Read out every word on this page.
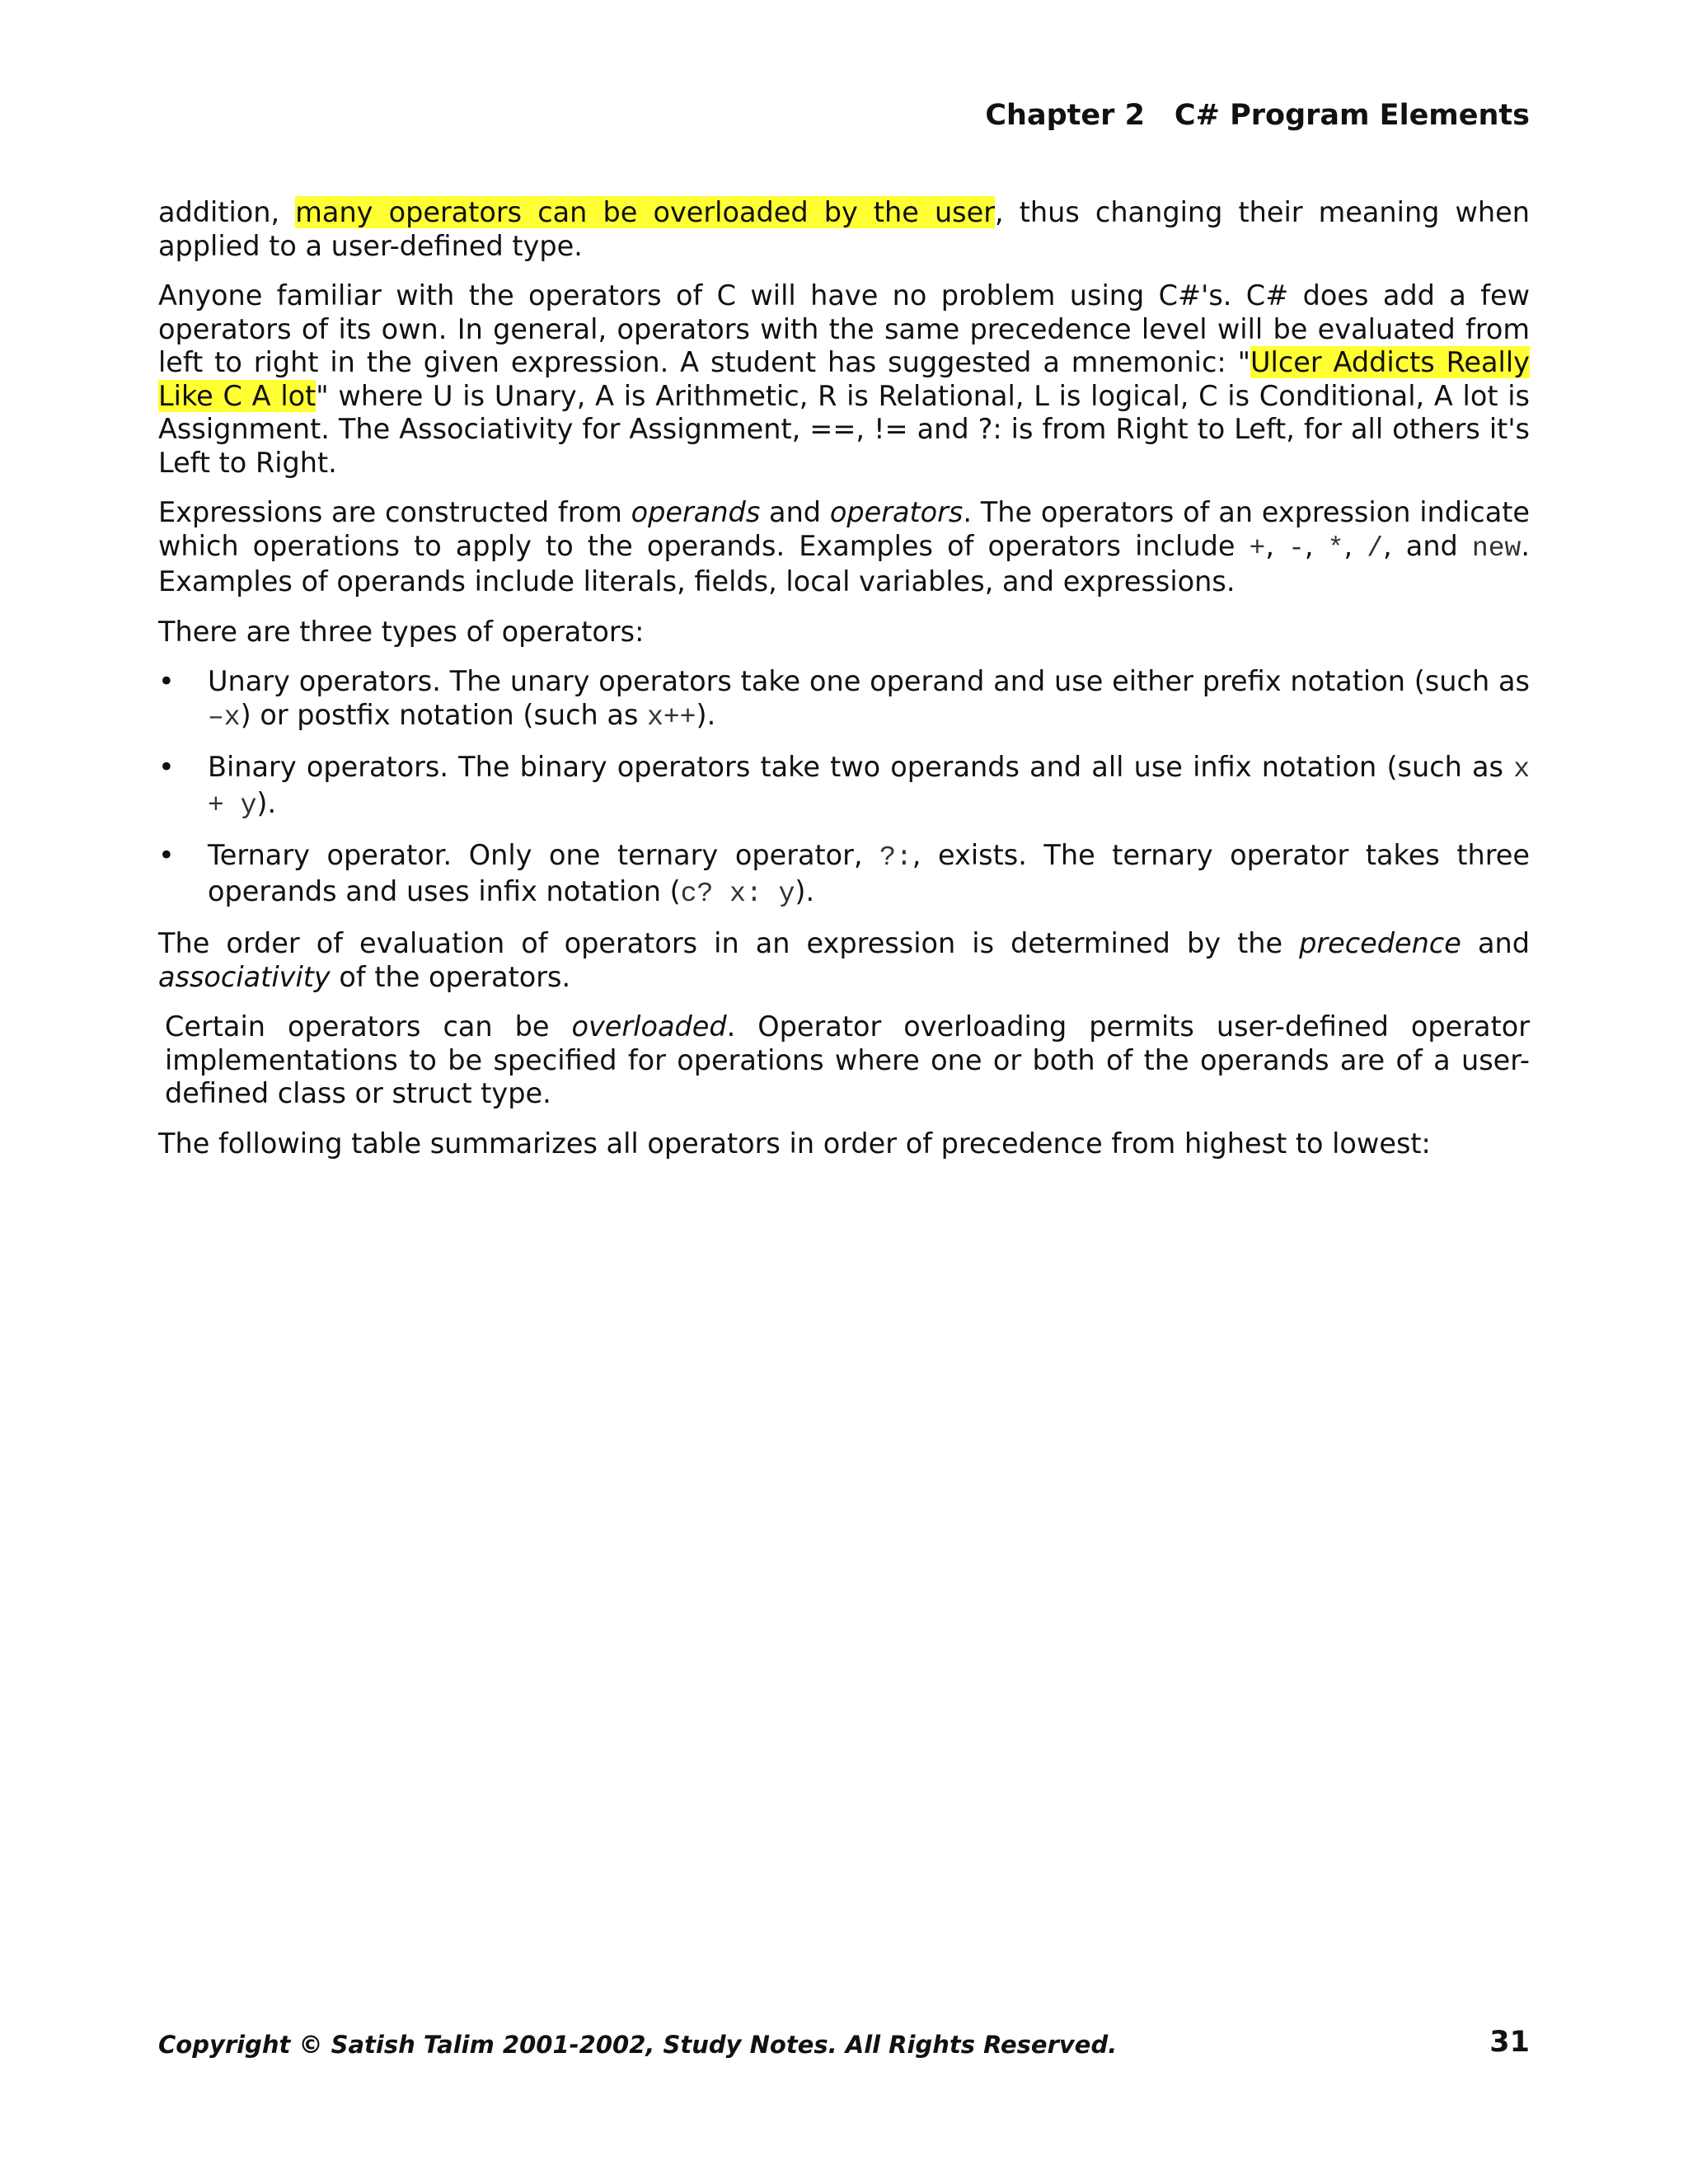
Chapter 2 C# Program Elements

addition, many operators can be overloaded by the user, thus changing their meaning when applied to a user-defined type.

Anyone familiar with the operators of C will have no problem using C#'s. C# does add a few operators of its own. In general, operators with the same precedence level will be evaluated from left to right in the given expression. A student has suggested a mnemonic: "Ulcer Addicts Really Like C A lot" where U is Unary, A is Arithmetic, R is Relational, L is logical, C is Conditional, A lot is Assignment. The Associativity for Assignment, ==, != and ?: is from Right to Left, for all others it's Left to Right.

Expressions are constructed from operands and operators. The operators of an expression indicate which operations to apply to the operands. Examples of operators include +, -, *, /, and new. Examples of operands include literals, fields, local variables, and expressions.

There are three types of operators:

•	Unary operators. The unary operators take one operand and use either prefix notation (such as –x) or postfix notation (such as x++).
•	Binary operators. The binary operators take two operands and all use infix notation (such as x + y).
•	Ternary operator. Only one ternary operator, ?:, exists. The ternary operator takes three operands and uses infix notation (c? x: y).

The order of evaluation of operators in an expression is determined by the precedence and associativity of the operators.

Certain operators can be overloaded. Operator overloading permits user-defined operator implementations to be specified for operations where one or both of the operands are of a user-defined class or struct type.

The following table summarizes all operators in order of precedence from highest to lowest:

Copyright © Satish Talim 2001-2002, Study Notes. All Rights Reserved.	31
